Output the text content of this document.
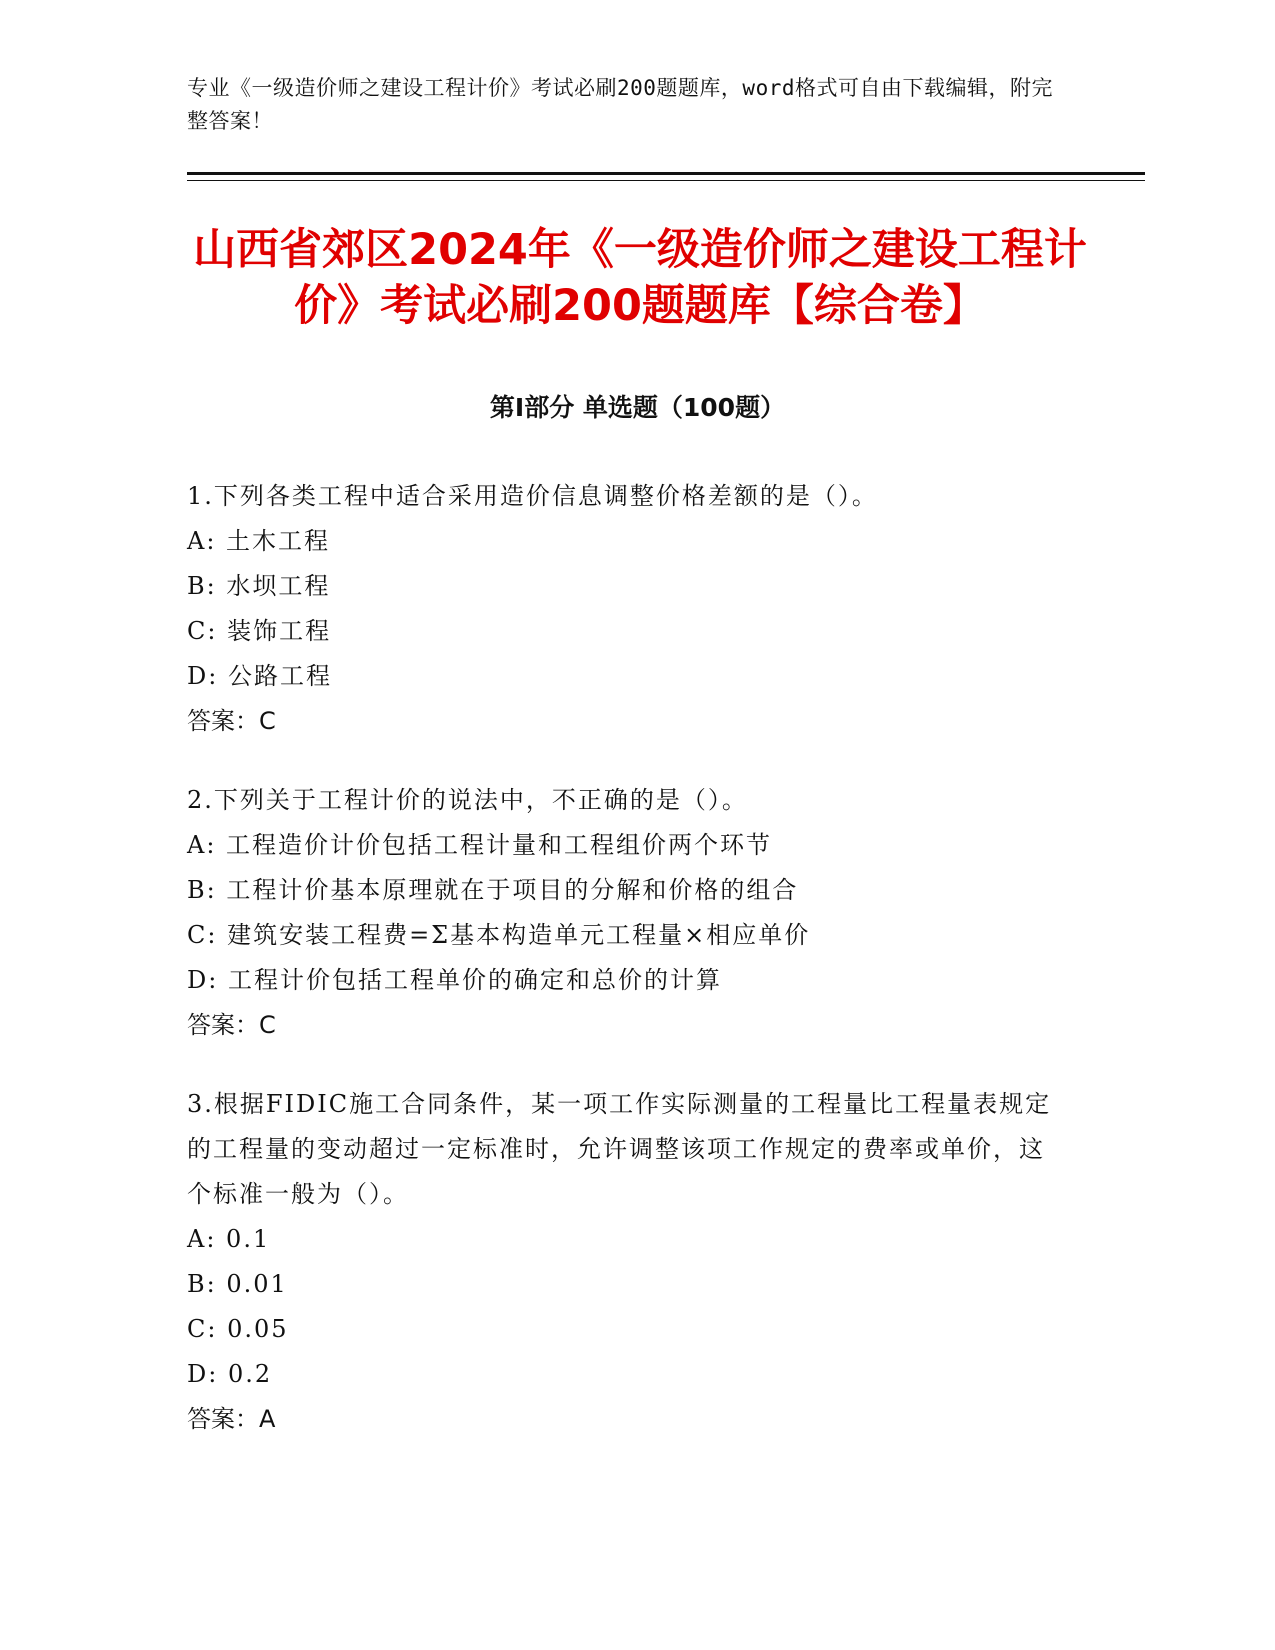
专业《一级造价师之建设工程计价》考试必刷200题题库，word格式可自由下载编辑，附完整答案！
山西省郊区2024年《一级造价师之建设工程计价》考试必刷200题题库【综合卷】
第I部分 单选题（100题）
1.下列各类工程中适合采用造价信息调整价格差额的是（）。
A: 土木工程
B: 水坝工程
C: 装饰工程
D: 公路工程
答案：C
2.下列关于工程计价的说法中，不正确的是（）。
A: 工程造价计价包括工程计量和工程组价两个环节
B: 工程计价基本原理就在于项目的分解和价格的组合
C: 建筑安装工程费=Σ基本构造单元工程量×相应单价
D: 工程计价包括工程单价的确定和总价的计算
答案：C
3.根据FIDIC施工合同条件，某一项工作实际测量的工程量比工程量表规定的工程量的变动超过一定标准时，允许调整该项工作规定的费率或单价，这个标准一般为（）。
A: 0.1
B: 0.01
C: 0.05
D: 0.2
答案：A
